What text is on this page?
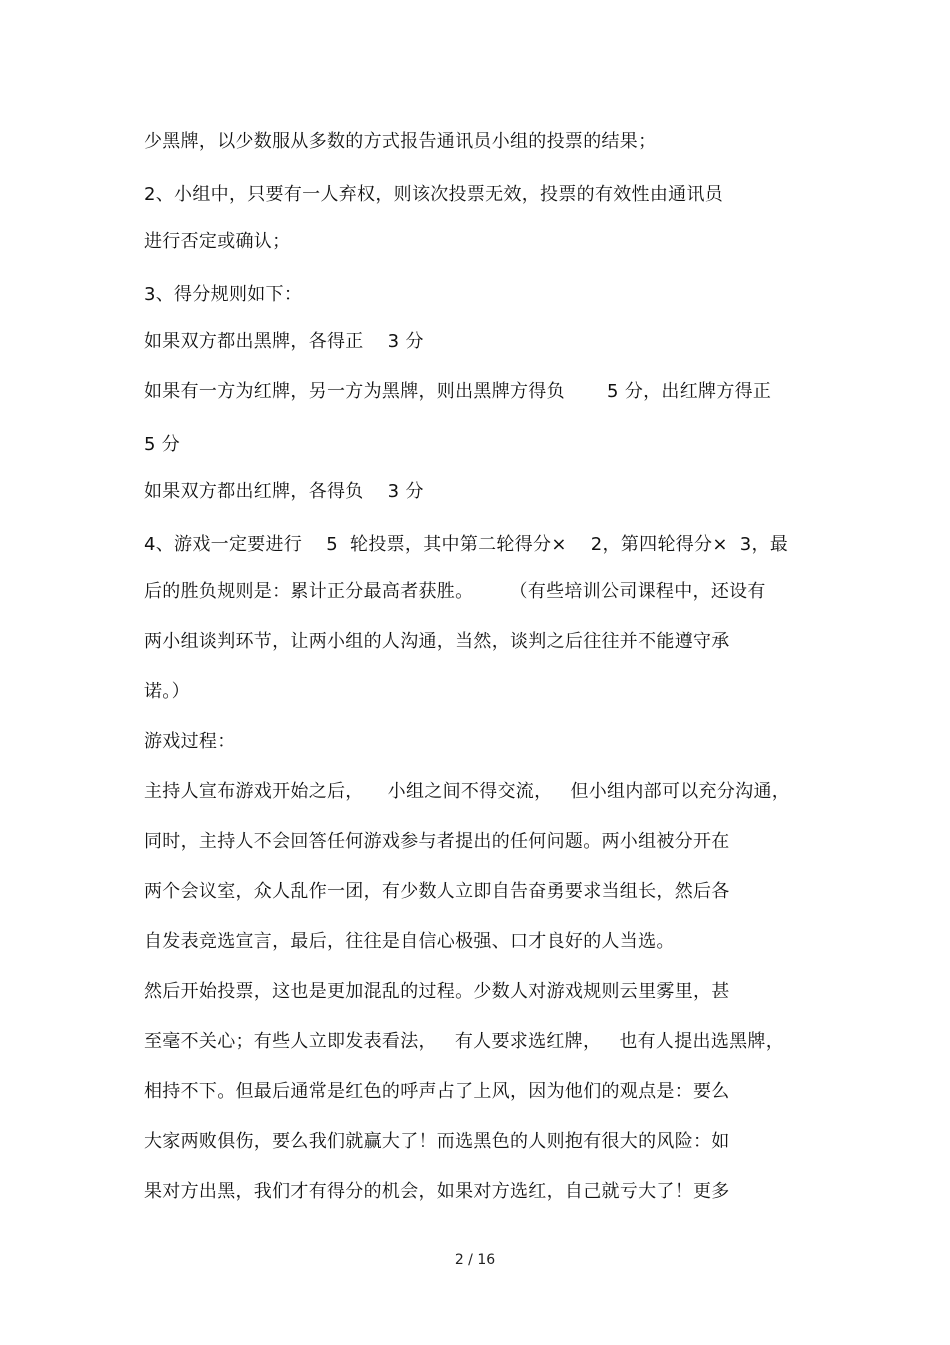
少黑牌，以少数服从多数的方式报告通讯员小组的投票的结果；
2、小组中，只要有一人弃权，则该次投票无效，投票的有效性由通讯员
进行否定或确认；
3、得分规则如下：
如果双方都出黑牌，各得正    3 分
如果有一方为红牌，另一方为黑牌，则出黑牌方得负       5 分，出红牌方得正
5 分
如果双方都出红牌，各得负    3 分
4、游戏一定要进行    5  轮投票，其中第二轮得分×    2，第四轮得分×  3，最
后的胜负规则是：累计正分最高者获胜。      （有些培训公司课程中，还设有
两小组谈判环节，让两小组的人沟通，当然，谈判之后往往并不能遵守承
诺。）
游戏过程：
主持人宣布游戏开始之后，    小组之间不得交流，   但小组内部可以充分沟通，
同时，主持人不会回答任何游戏参与者提出的任何问题。两小组被分开在
两个会议室，众人乱作一团，有少数人立即自告奋勇要求当组长，然后各
自发表竞选宣言，最后，往往是自信心极强、口才良好的人当选。
然后开始投票，这也是更加混乱的过程。少数人对游戏规则云里雾里，甚
至毫不关心；有些人立即发表看法，   有人要求选红牌，   也有人提出选黑牌，
相持不下。但最后通常是红色的呼声占了上风，因为他们的观点是：要么
大家两败俱伤，要么我们就赢大了！而选黑色的人则抱有很大的风险：如
果对方出黑，我们才有得分的机会，如果对方选红，自己就亏大了！更多
2 / 16
